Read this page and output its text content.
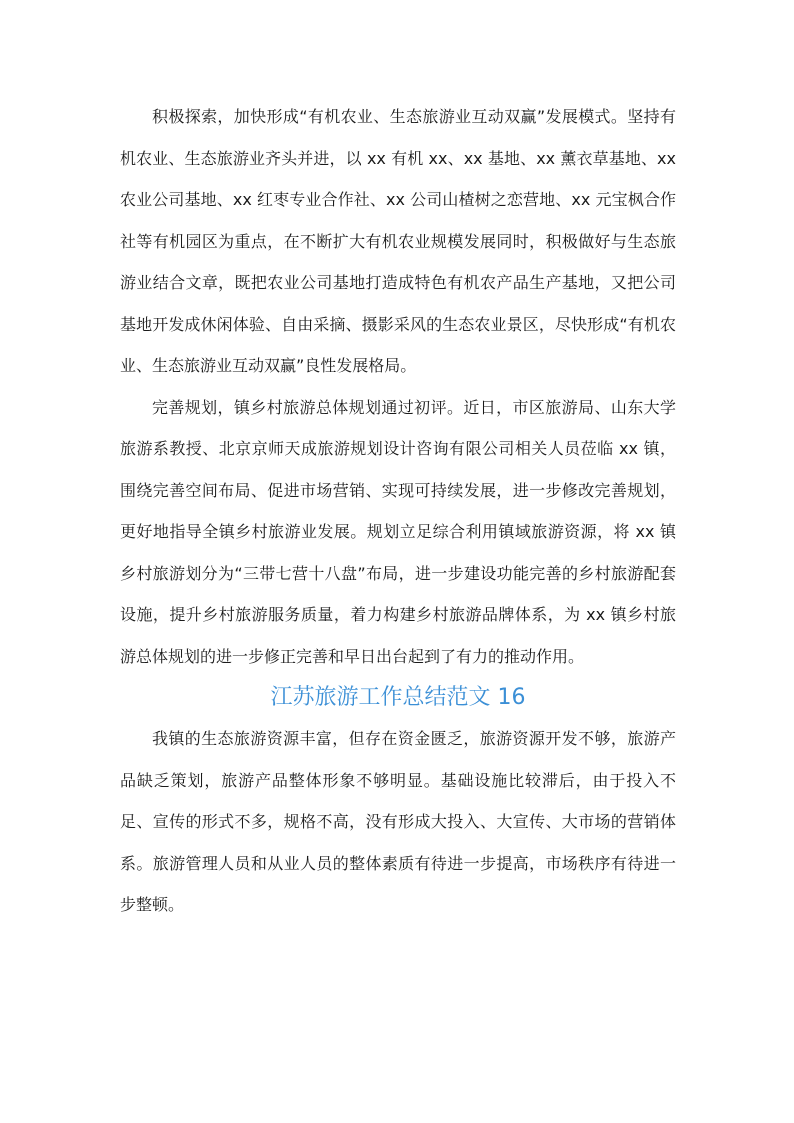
积极探索，加快形成“有机农业、生态旅游业互动双赢”发展模式。坚持有机农业、生态旅游业齐头并进，以 xx 有机 xx、xx 基地、xx 薰衣草基地、xx 农业公司基地、xx 红枣专业合作社、xx 公司山楂树之恋营地、xx 元宝枫合作社等有机园区为重点，在不断扩大有机农业规模发展同时，积极做好与生态旅游业结合文章，既把农业公司基地打造成特色有机农产品生产基地，又把公司基地开发成休闲体验、自由采摘、摄影采风的生态农业景区，尽快形成“有机农业、生态旅游业互动双赢”良性发展格局。

完善规划，镇乡村旅游总体规划通过初评。近日，市区旅游局、山东大学旅游系教授、北京京师天成旅游规划设计咨询有限公司相关人员莅临 xx 镇，围绕完善空间布局、促进市场营销、实现可持续发展，进一步修改完善规划，更好地指导全镇乡村旅游业发展。规划立足综合利用镇域旅游资源，将 xx 镇乡村旅游划分为“三带七营十八盘”布局，进一步建设功能完善的乡村旅游配套设施，提升乡村旅游服务质量，着力构建乡村旅游品牌体系，为 xx 镇乡村旅游总体规划的进一步修正完善和早日出台起到了有力的推动作用。

江苏旅游工作总结范文 16

我镇的生态旅游资源丰富，但存在资金匮乏，旅游资源开发不够，旅游产品缺乏策划，旅游产品整体形象不够明显。基础设施比较滞后，由于投入不足、宣传的形式不多，规格不高，没有形成大投入、大宣传、大市场的营销体系。旅游管理人员和从业人员的整体素质有待进一步提高，市场秩序有待进一步整顿。
